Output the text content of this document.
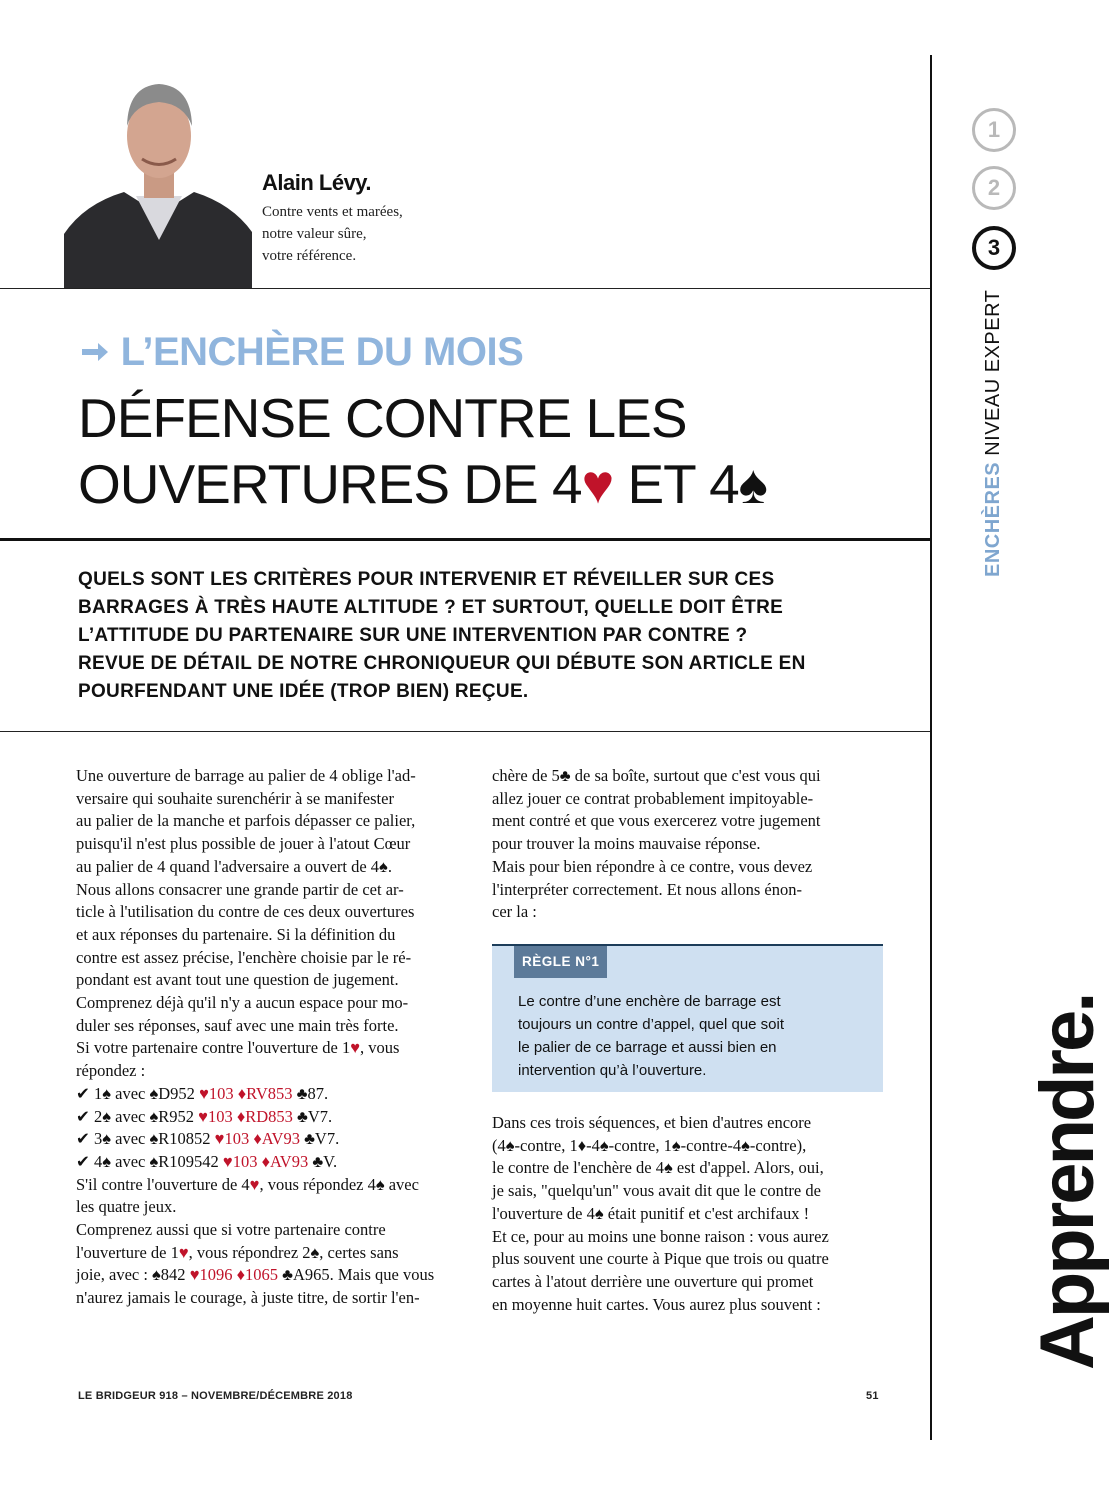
1
2
3
ENCHÈRES NIVEAU EXPERT
Apprendre.
Alain Lévy.
Contre vents et marées,
notre valeur sûre,
votre référence.
L’ENCHÈRE DU MOIS
DÉFENSE CONTRE LES
OUVERTURES DE 4♥ ET 4♠
QUELS SONT LES CRITÈRES POUR INTERVENIR ET RÉVEILLER SUR CES
BARRAGES À TRÈS HAUTE ALTITUDE ? ET SURTOUT, QUELLE DOIT ÊTRE
L’ATTITUDE DU PARTENAIRE SUR UNE INTERVENTION PAR CONTRE ?
REVUE DE DÉTAIL DE NOTRE CHRONIQUEUR QUI DÉBUTE SON ARTICLE EN
POURFENDANT UNE IDÉE (TROP BIEN) REÇUE.
Une ouverture de barrage au palier de 4 oblige l'ad-
versaire qui souhaite surenchérir à se manifester
au palier de la manche et parfois dépasser ce palier,
puisqu'il n'est plus possible de jouer à l'atout Cœur
au palier de 4 quand l'adversaire a ouvert de 4♠.
Nous allons consacrer une grande partir de cet ar-
ticle à l'utilisation du contre de ces deux ouvertures
et aux réponses du partenaire. Si la définition du
contre est assez précise, l'enchère choisie par le ré-
pondant est avant tout une question de jugement.
Comprenez déjà qu'il n'y a aucun espace pour mo-
duler ses réponses, sauf avec une main très forte.
Si votre partenaire contre l'ouverture de 1♥, vous
répondez :
✔ 1♠ avec ♠D952 ♥103 ♦RV853 ♣87.
✔ 2♠ avec ♠R952 ♥103 ♦RD853 ♣V7.
✔ 3♠ avec ♠R10852 ♥103 ♦AV93 ♣V7.
✔ 4♠ avec ♠R109542 ♥103 ♦AV93 ♣V.
S'il contre l'ouverture de 4♥, vous répondez 4♠ avec
les quatre jeux.
Comprenez aussi que si votre partenaire contre
l'ouverture de 1♥, vous répondrez 2♠, certes sans
joie, avec : ♠842 ♥1096 ♦1065 ♣A965. Mais que vous
n'aurez jamais le courage, à juste titre, de sortir l'en-
chère de 5♣ de sa boîte, surtout que c'est vous qui
allez jouer ce contrat probablement impitoyable-
ment contré et que vous exercerez votre jugement
pour trouver la moins mauvaise réponse.
Mais pour bien répondre à ce contre, vous devez
l'interpréter correctement. Et nous allons énon-
cer la :
RÈGLE N°1
Le contre d’une enchère de barrage est
toujours un contre d’appel, quel que soit
le palier de ce barrage et aussi bien en
intervention qu’à l’ouverture.
Dans ces trois séquences, et bien d'autres encore
(4♠-contre, 1♦-4♠-contre, 1♠-contre-4♠-contre),
le contre de l'enchère de 4♠ est d'appel. Alors, oui,
je sais, "quelqu'un" vous avait dit que le contre de
l'ouverture de 4♠ était punitif et c'est archifaux !
Et ce, pour au moins une bonne raison : vous aurez
plus souvent une courte à Pique que trois ou quatre
cartes à l'atout derrière une ouverture qui promet
en moyenne huit cartes. Vous aurez plus souvent :
LE BRIDGEUR 918 – NOVEMBRE/DÉCEMBRE 2018	51
